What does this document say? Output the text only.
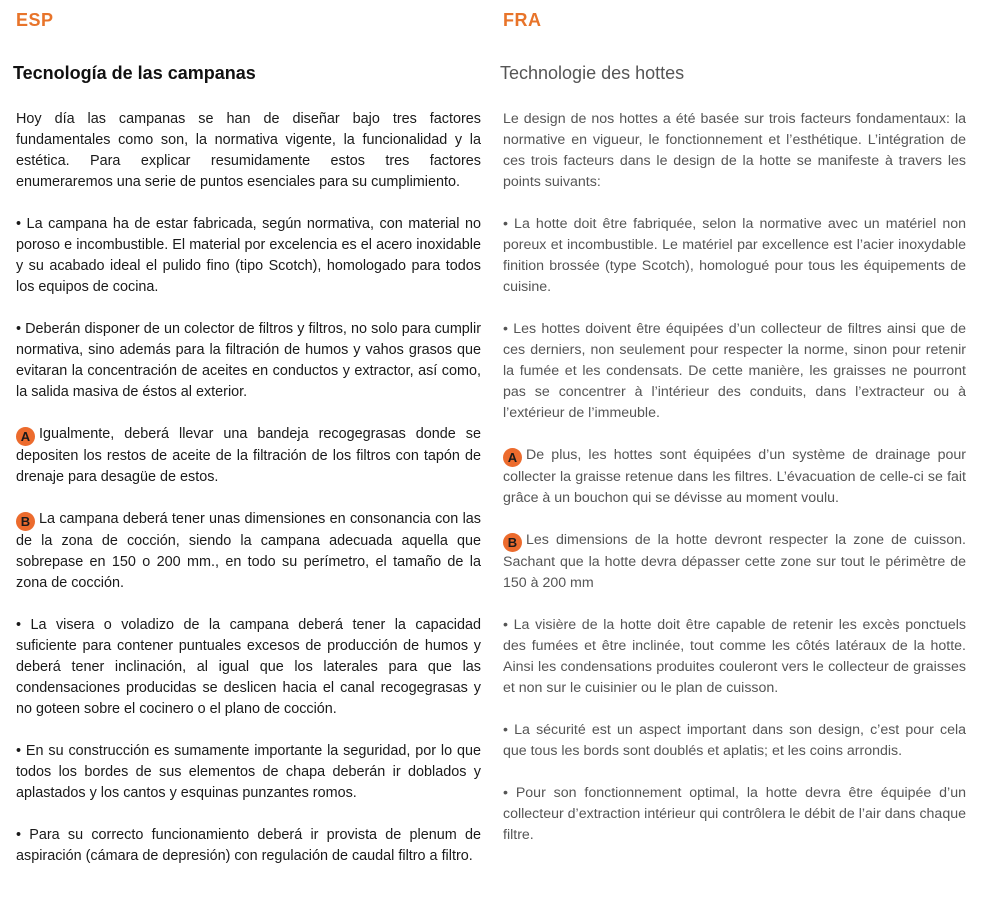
ESP
Tecnología de las campanas

Hoy día las campanas se han de diseñar bajo tres factores fundamentales como son, la normativa vigente, la funcionalidad y la estética. Para explicar resumidamente estos tres factores enumeraremos una serie de puntos esenciales para su cumplimiento.

• La campana ha de estar fabricada, según normativa, con material no poroso e incombustible. El material por excelencia es el acero inoxidable y su acabado ideal el pulido fino (tipo Scotch), homologado para todos los equipos de cocina.

• Deberán disponer de un colector de filtros y filtros, no solo para cumplir normativa, sino además para la filtración de humos y vahos grasos que evitaran la concentración de aceites en conductos y extractor, así como, la salida masiva de éstos al exterior.

A Igualmente, deberá llevar una bandeja recogegrasas donde se depositen los restos de aceite de la filtración de los filtros con tapón de drenaje para desagüe de estos.

B La campana deberá tener unas dimensiones en consonancia con las de la zona de cocción, siendo la campana adecuada aquella que sobrepase en 150 o 200 mm., en todo su perímetro, el tamaño de la zona de cocción.

• La visera o voladizo de la campana deberá tener la capacidad suficiente para contener puntuales excesos de producción de humos y deberá tener inclinación, al igual que los laterales para que las condensaciones producidas se deslicen hacia el canal recogegrasas y no goteen sobre el cocinero o el plano de cocción.

• En su construcción es sumamente importante la seguridad, por lo que todos los bordes de sus elementos de chapa deberán ir doblados y aplastados y los cantos y esquinas punzantes romos.

• Para su correcto funcionamiento deberá ir provista de plenum de aspiración (cámara de depresión) con regulación de caudal filtro a filtro.

FRA
Technologie des hottes

Le design de nos hottes a été basée sur trois facteurs fondamentaux: la normative en vigueur, le fonctionnement et l’esthétique. L’intégration de ces trois facteurs dans le design de la hotte se manifeste à travers les points suivants:

• La hotte doit être fabriquée, selon la normative avec un matériel non poreux et incombustible. Le matériel par excellence est l’acier inoxydable finition brossée (type Scotch), homologué pour tous les équipements de cuisine.

• Les hottes doivent être équipées d’un collecteur de filtres ainsi que de ces derniers, non seulement pour respecter la norme, sinon pour retenir la fumée et les condensats. De cette manière, les graisses ne pourront pas se concentrer à l’intérieur des conduits, dans l’extracteur ou à l’extérieur de l’immeuble.

A De plus, les hottes sont équipées d’un système de drainage pour collecter la graisse retenue dans les filtres. L’évacuation de celle-ci se fait grâce à un bouchon qui se dévisse au moment voulu.

B Les dimensions de la hotte devront respecter la zone de cuisson. Sachant que la hotte devra dépasser cette zone sur tout le périmètre de 150 à 200 mm

• La visière de la hotte doit être capable de retenir les excès ponctuels des fumées et être inclinée, tout comme les côtés latéraux de la hotte. Ainsi les condensations produites couleront vers le collecteur de graisses et non sur le cuisinier ou le plan de cuisson.

• La sécurité est un aspect important dans son design, c’est pour cela que tous les bords sont doublés et aplatis; et les coins arrondis.

• Pour son fonctionnement optimal, la hotte devra être équipée d’un collecteur d’extraction intérieur qui contrôlera le débit de l’air dans chaque filtre.
